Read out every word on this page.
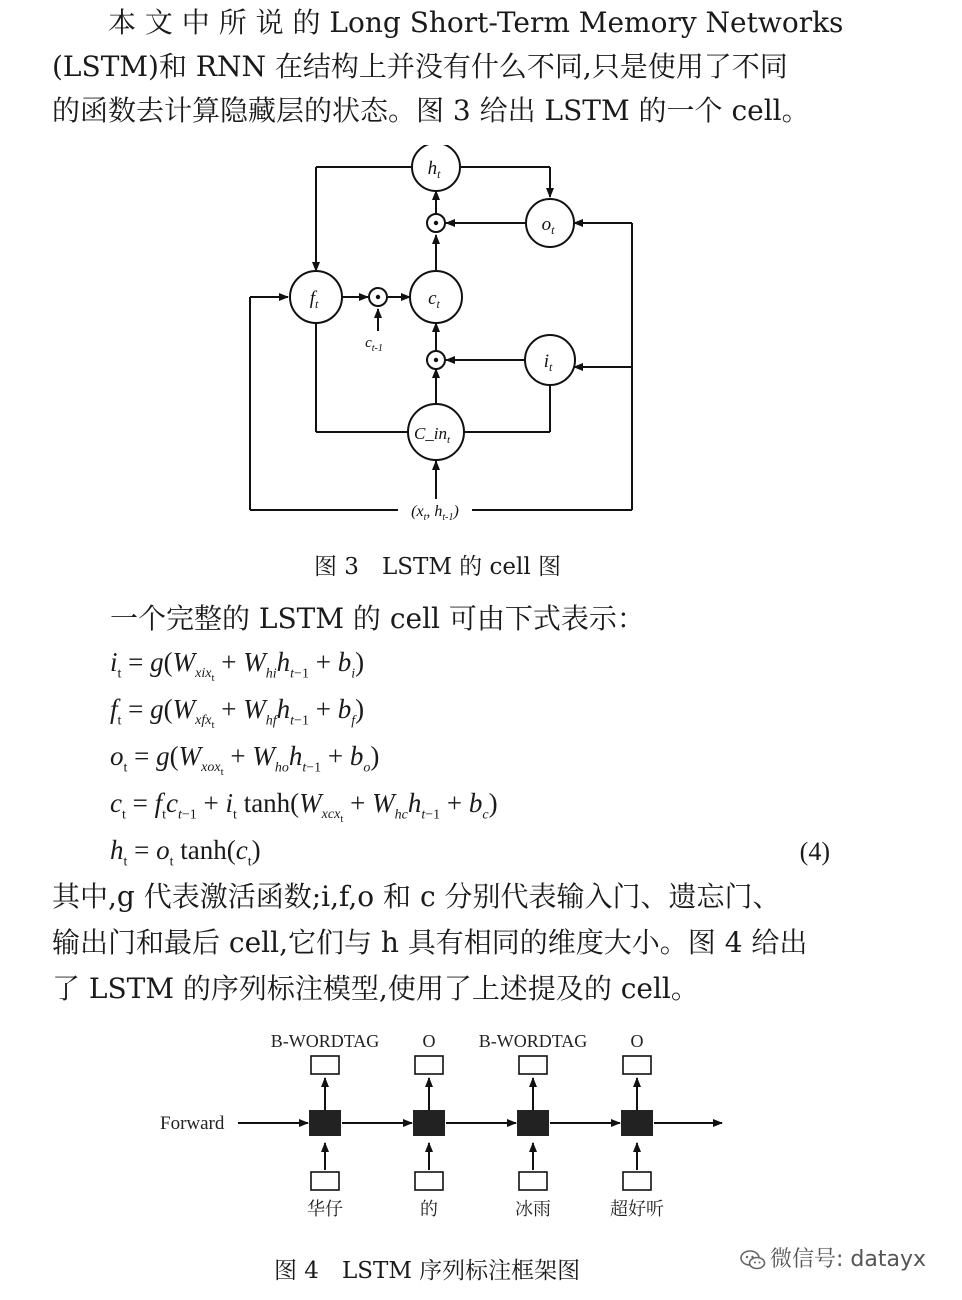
本 文 中 所 说 的 Long Short-Term Memory Networks

(LSTM)和 RNN 在结构上并没有什么不同,只是使用了不同

的函数去计算隐藏层的状态。图 3 给出 LSTM 的一个 cell。

$h_t$
$o_t$
$f_t$	$c_t$
$i_t$
$C\_in_t$
$c_{t-1}$
($x_t$, $h_{t-1}$)
图 3　LSTM 的 cell 图

一个完整的 LSTM 的 cell 可由下式表示：

$i_t = g(W_{xix_t} + W_{hi}h_{t-1} + b_i)$
$f_t = g(W_{xfx_t} + W_{hf}h_{t-1} + b_f)$
$o_t = g(W_{xox_t} + W_{ho}h_{t-1} + b_o)$
$c_t = f_tc_{t-1} + i_t$ $\tanh(W_{xcx_t} + W_{hc}h_{t-1} + b_c)$
$h_t = o_t$ $\tanh(c_t)$	(4)

其中,g 代表激活函数;i,f,o 和 c 分别代表输入门、遗忘门、

输出门和最后 cell,它们与 h 具有相同的维度大小。图 4 给出

了 LSTM 的序列标注模型,使用了上述提及的 cell。

Forward
B-WORDTAG
华仔
O
的
B-WORDTAG
冰雨
O
超好听
图 4　LSTM 序列标注框架图	微信号: datayx
